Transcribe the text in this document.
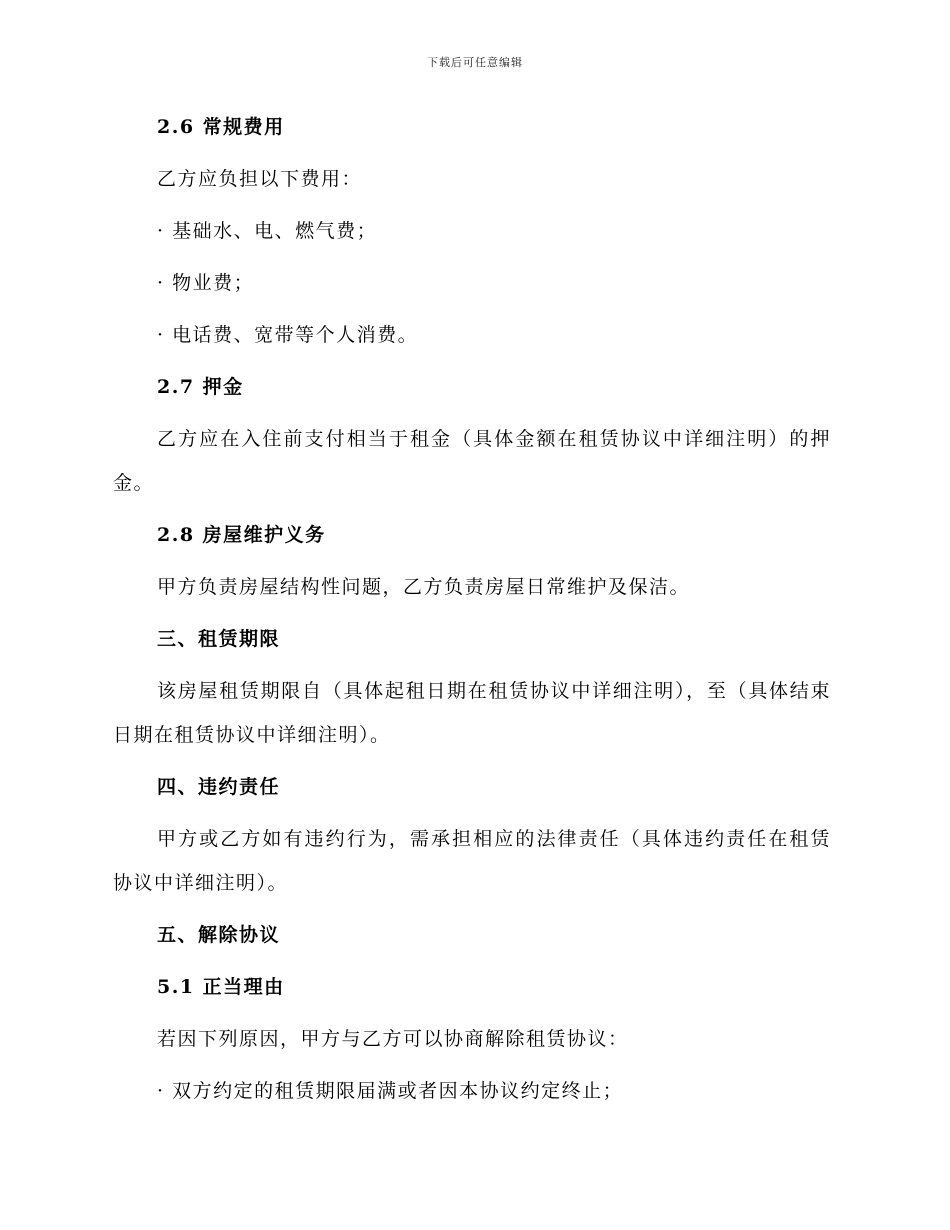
下载后可任意编辑
2.6 常规费用
乙方应负担以下费用：
· 基础水、电、燃气费；
· 物业费；
· 电话费、宽带等个人消费。
2.7 押金
乙方应在入住前支付相当于租金（具体金额在租赁协议中详细注明）的押金。
2.8 房屋维护义务
甲方负责房屋结构性问题，乙方负责房屋日常维护及保洁。
三、租赁期限
该房屋租赁期限自（具体起租日期在租赁协议中详细注明），至（具体结束日期在租赁协议中详细注明）。
四、违约责任
甲方或乙方如有违约行为，需承担相应的法律责任（具体违约责任在租赁协议中详细注明）。
五、解除协议
5.1 正当理由
若因下列原因，甲方与乙方可以协商解除租赁协议：
· 双方约定的租赁期限届满或者因本协议约定终止；
